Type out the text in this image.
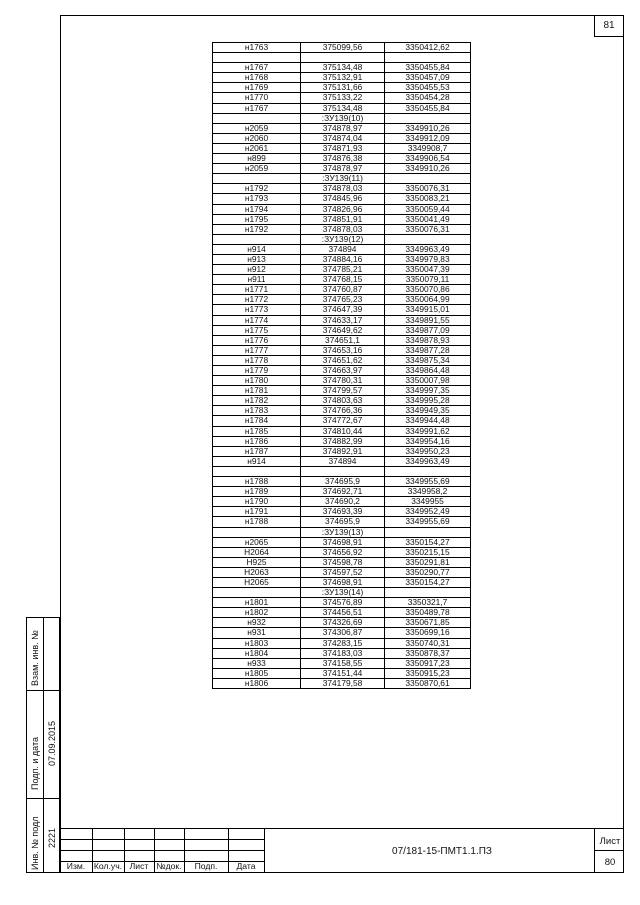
81
н1763	375099,56	3350412,62

н1767	375134,48	3350455,84
н1768	375132,91	3350457,09
н1769	375131,66	3350455,53
н1770	375133,22	3350454,28
н1767	375134,48	3350455,84
	:ЗУ139(10)	
н2059	374878,97	3349910,26
н2060	374874,04	3349912,09
н2061	374871,93	3349908,7
н899	374876,38	3349906,54
н2059	374878,97	3349910,26
	:ЗУ139(11)	
н1792	374878,03	3350076,31
н1793	374845,96	3350083,21
н1794	374826,96	3350059,44
н1795	374851,91	3350041,49
н1792	374878,03	3350076,31
	:ЗУ139(12)	
н914	374894	3349963,49
н913	374884,16	3349979,83
н912	374785,21	3350047,39
н911	374768,15	3350079,11
н1771	374760,87	3350070,86
н1772	374765,23	3350064,99
н1773	374647,39	3349915,01
н1774	374633,17	3349891,55
н1775	374649,62	3349877,09
н1776	374651,1	3349878,93
н1777	374653,16	3349877,28
н1778	374651,62	3349875,34
н1779	374663,97	3349864,48
н1780	374780,31	3350007,98
н1781	374799,57	3349997,35
н1782	374803,63	3349995,28
н1783	374766,36	3349949,35
н1784	374772,67	3349944,48
н1785	374810,44	3349991,62
н1786	374882,99	3349954,16
н1787	374892,91	3349950,23
н914	374894	3349963,49

н1788	374695,9	3349955,69
н1789	374692,71	3349958,2
н1790	374690,2	3349955
н1791	374693,39	3349952,49
н1788	374695,9	3349955,69
	:ЗУ139(13)	
н2065	374698,91	3350154,27
Н2064	374656,92	3350215,15
Н925	374598,78	3350291,81
Н2063	374597,52	3350290,77
Н2065	374698,91	3350154,27
	:ЗУ139(14)	
н1801	374576,89	3350321,7
н1802	374456,51	3350489,78
н932	374326,69	3350671,85
н931	374306,87	3350699,16
н1803	374283,15	3350740,31
н1804	374183,03	3350878,37
н933	374158,55	3350917,23
н1805	374151,44	3350915,23
н1806	374179,58	3350870,61
Взам. инв. №
Подп. и дата 07.09.2015
Инв. № подл 2221
Изм.	Кол.уч. Лист №док.	Подп.	Дата
07/181-15-ПМТ1.1.ПЗ
Лист
80
